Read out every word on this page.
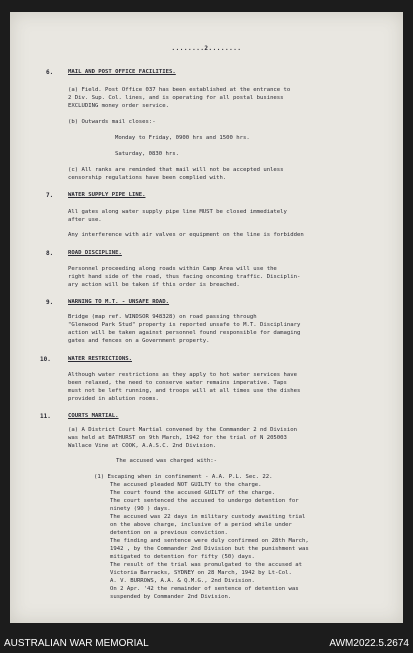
........2........
6.	MAIL AND POST OFFICE FACILITIES.
(a) Field. Post Office 037 has been established at the entrance to
2 Div. Sup. Col. lines, and is operating for all postal business
EXCLUDING money order service.
(b) Outwards mail closes:-
Monday to Friday, 0900 hrs and 1500 hrs.
Saturday, 0830 hrs.
(c) All ranks are reminded that mail will not be accepted unless
censorship regulations have been complied with.
7.	WATER SUPPLY PIPE LINE.
All gates along water supply pipe line MUST be closed immediately
after use.
Any interference with air valves or equipment on the line is forbidden
8.	ROAD DISCIPLINE.
Personnel proceeding along roads within Camp Area will use the
right hand side of the road, thus facing oncoming traffic. Disciplin-
ary action will be taken if this order is breached.
9.	WARNING TO M.T. - UNSAFE ROAD.
Bridge (map ref. WINDSOR 948328) on road passing through
"Glenwood Park Stud" property is reported unsafe to M.T. Disciplinary
action will be taken against personnel found responsible for damaging
gates and fences on a Government property.
10.	WATER RESTRICTIONS.
Although water restrictions as they apply to hot water services have
been relaxed, the need to conserve water remains imperative. Taps
must not be left running, and troops will at all times use the dishes
provided in ablution rooms.
11.	COURTS MARTIAL.
(a) A District Court Martial convened by the Commander 2 nd Division
was held at BATHURST on 9th March, 1942 for the trial of N 205003
Wallace Vine at COOK, A.A.S.C. 2nd Division.
The accused was charged with:-
(1) Escaping when in confinement - A.A. P.L. Sec. 22.
The accused pleaded NOT GUILTY to the charge.
The court found the accused GUILTY of the charge.
The court sentenced the accused to undergo detention for
ninety (90 ) days.
The accused was 22 days in military custody awaiting trial
on the above charge, inclusive of a period while under
detention on a previous conviction.
The finding and sentence were duly confirmed on 28th March,
1942 , by the Commander 2nd Division but the punishment was
mitigated to detention for fifty (50) days.
The result of the trial was promulgated to the accused at
Victoria Barracks, SYDNEY on 28 March, 1942 by Lt-Col.
A. V. BURROWS, A.A. & Q.M.G., 2nd Division.
On 2 Apr. '42 the remainder of sentence of detention was
suspended by Commander 2nd Division.
AUSTRALIAN WAR MEMORIAL	AWM2022.5.2674
